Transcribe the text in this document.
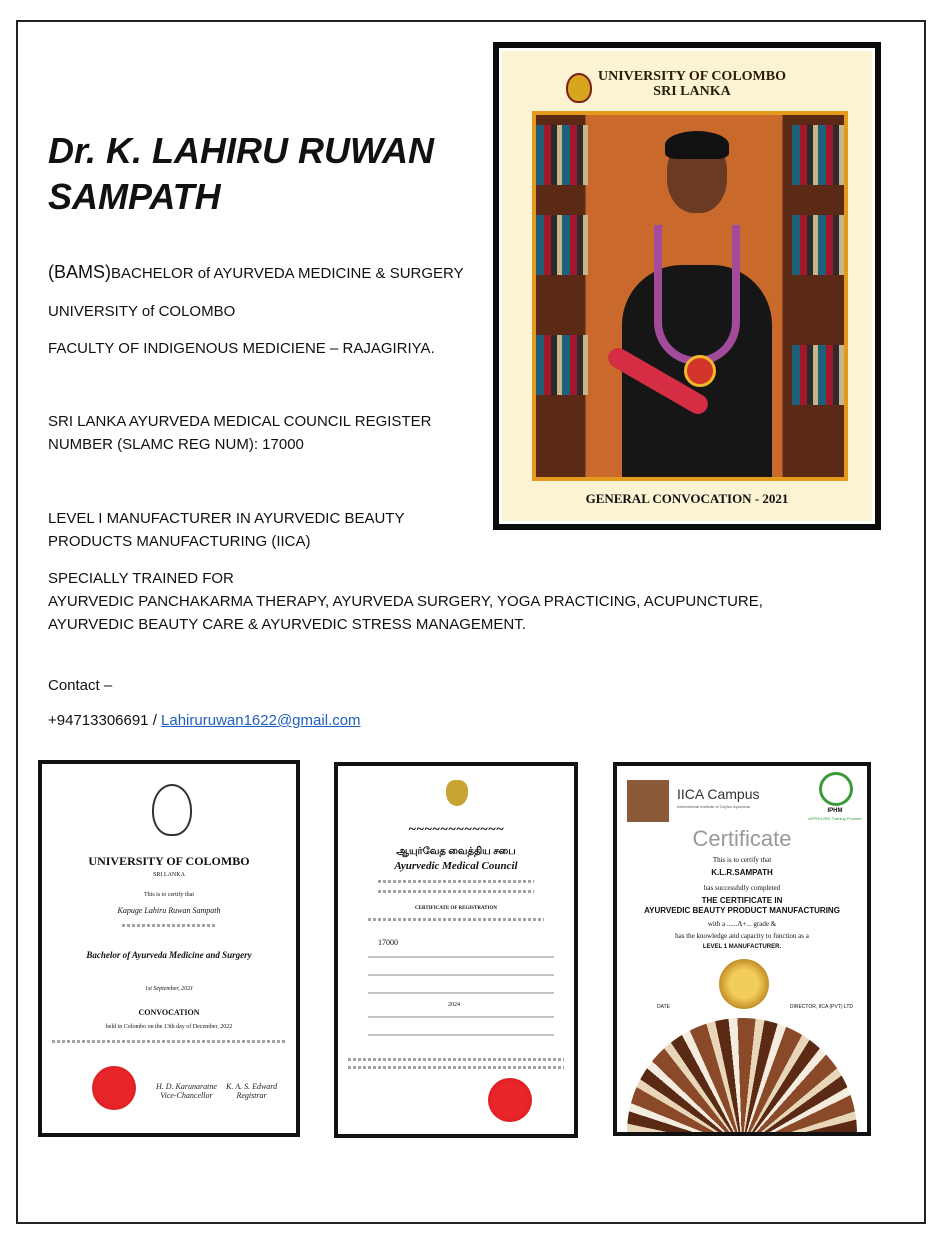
Dr. K. LAHIRU RUWAN SAMPATH

(BAMS)BACHELOR of AYURVEDA MEDICINE & SURGERY

UNIVERSITY of COLOMBO

FACULTY OF INDIGENOUS MEDICIENE – RAJAGIRIYA.

SRI LANKA AYURVEDA MEDICAL COUNCIL REGISTER

NUMBER (SLAMC REG NUM): 17000

LEVEL I MANUFACTURER IN AYURVEDIC BEAUTY

PRODUCTS MANUFACTURING (IICA)

SPECIALLY TRAINED FOR

AYURVEDIC PANCHAKARMA THERAPY, AYURVEDA SURGERY, YOGA PRACTICING, ACUPUNCTURE,

AYURVEDIC BEAUTY CARE & AYURVEDIC STRESS MANAGEMENT.

Contact –

+94713306691 / Lahiruruwan1622@gmail.com

UNIVERSITY OF COLOMBO
SRI LANKA
GENERAL CONVOCATION - 2021
UNIVERSITY OF COLOMBO
SRI LANKA
This is to certify that
Kapuge Lahiru Ruwan Sampath
Bachelor of Ayurveda Medicine and Surgery
1st September, 2021
CONVOCATION
held in Colombo on the 13th day of December, 2022
H. D. Karunaratne
Vice-Chancellor
K. A. S. Edward
Registrar
~~~~~~~~~~~~
ஆயுர்வேத வைத்திய சபை
Ayurvedic Medical Council
CERTIFICATE OF REGISTRATION
17000
2024
IICA Campus
International Institute of Ceylon Ayurveda
IPHM
APPROVED Training Provider
Certificate
This is to certify that
K.L.R.SAMPATH
has successfully completed
THE CERTIFICATE IN
AYURVEDIC BEAUTY PRODUCT MANUFACTURING
with a ......A+... grade &
has the knowledge and capacity to function as a
LEVEL 1 MANUFACTURER.
DATE	DIRECTOR, IICA (PVT) LTD
